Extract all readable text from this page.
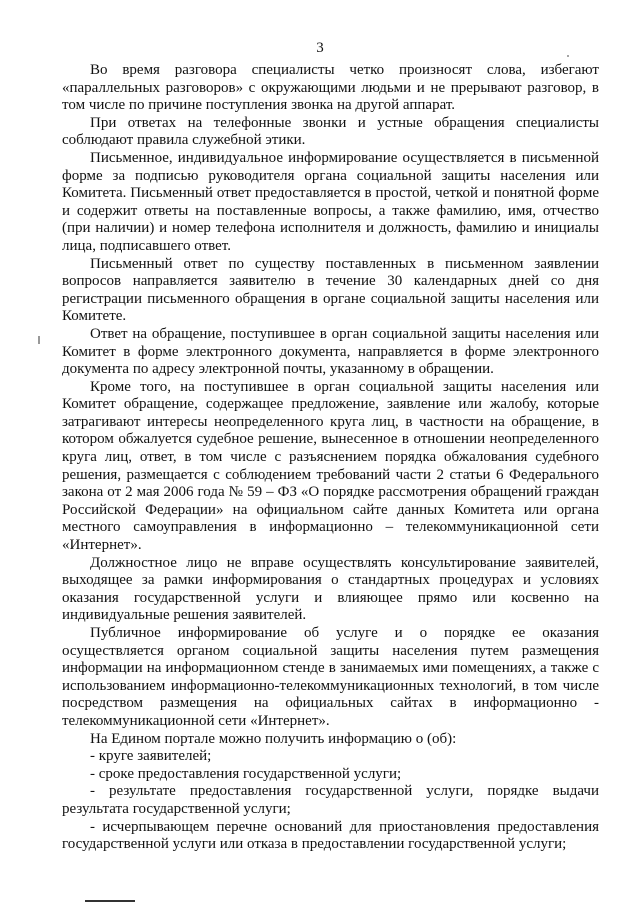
3

Во время разговора специалисты четко произносят слова, избегают «параллельных разговоров» с окружающими людьми и не прерывают разговор, в том числе по причине поступления звонка на другой аппарат.

При ответах на телефонные звонки и устные обращения специалисты соблюдают правила служебной этики.

Письменное, индивидуальное информирование осуществляется в письменной форме за подписью руководителя органа социальной защиты населения или Комитета. Письменный ответ предоставляется в простой, четкой и понятной форме и содержит ответы на поставленные вопросы, а также фамилию, имя, отчество (при наличии) и номер телефона исполнителя и должность, фамилию и инициалы лица, подписавшего ответ.

Письменный ответ по существу поставленных в письменном заявлении вопросов направляется заявителю в течение 30 календарных дней со дня регистрации письменного обращения в органе социальной защиты населения или Комитете.

Ответ на обращение, поступившее в орган социальной защиты населения или Комитет в форме электронного документа, направляется в форме электронного документа по адресу электронной почты, указанному в обращении.

Кроме того, на поступившее в орган социальной защиты населения или Комитет обращение, содержащее предложение, заявление или жалобу, которые затрагивают интересы неопределенного круга лиц, в частности на обращение, в котором обжалуется судебное решение, вынесенное в отношении неопределенного круга лиц, ответ, в том числе с разъяснением порядка обжалования судебного решения, размещается с соблюдением требований части 2 статьи 6 Федерального закона от 2 мая 2006 года № 59 – ФЗ «О порядке рассмотрения обращений граждан Российской Федерации» на официальном сайте данных Комитета или органа местного самоуправления в информационно – телекоммуникационной сети «Интернет».

Должностное лицо не вправе осуществлять консультирование заявителей, выходящее за рамки информирования о стандартных процедурах и условиях оказания государственной услуги и влияющее прямо или косвенно на индивидуальные решения заявителей.

Публичное информирование об услуге и о порядке ее оказания осуществляется органом социальной защиты населения путем размещения информации на информационном стенде в занимаемых ими помещениях, а также с использованием информационно-телекоммуникационных технологий, в том числе посредством размещения на официальных сайтах в информационно - телекоммуникационной сети «Интернет».

На Едином портале можно получить информацию о (об):

- круге заявителей;

- сроке предоставления государственной услуги;

- результате предоставления государственной услуги, порядке выдачи результата государственной услуги;

- исчерпывающем перечне оснований для приостановления предоставления государственной услуги или отказа в предоставлении государственной услуги;
